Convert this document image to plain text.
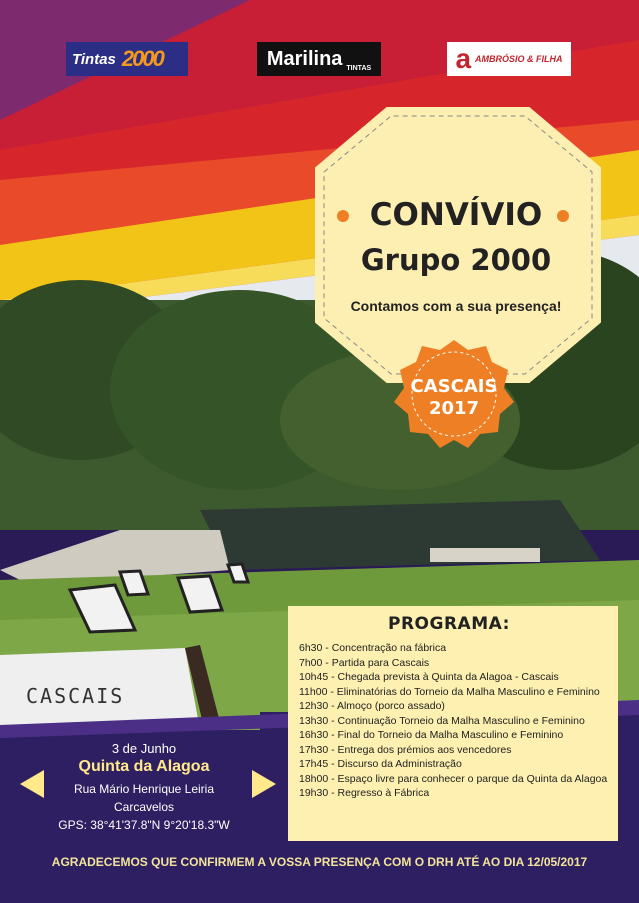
Tintas 2000	Marilina TINTAS	a AMBRÓSIO & FILHA
CONVÍVIO
Grupo 2000
Contamos com a sua presença!
CASCAIS
2017
CASCAIS
PROGRAMA:
6h30 - Concentração na fábrica
7h00 - Partida para Cascais
10h45 - Chegada prevista à Quinta da Alagoa - Cascais
11h00 - Eliminatórias do Torneio da Malha Masculino e Feminino
12h30 - Almoço (porco assado)
13h30 - Continuação Torneio da Malha Masculino e Feminino
16h30 - Final do Torneio da Malha Masculino e Feminino
17h30 - Entrega dos prémios aos vencedores
17h45 - Discurso da Administração
18h00 - Espaço livre para conhecer o parque da Quinta da Alagoa
19h30 - Regresso à Fábrica
3 de Junho
Quinta da Alagoa
Rua Mário Henrique Leiria
Carcavelos
GPS: 38°41'37.8"N 9°20'18.3"W
AGRADECEMOS QUE CONFIRMEM A VOSSA PRESENÇA COM O DRH ATÉ AO DIA 12/05/2017
